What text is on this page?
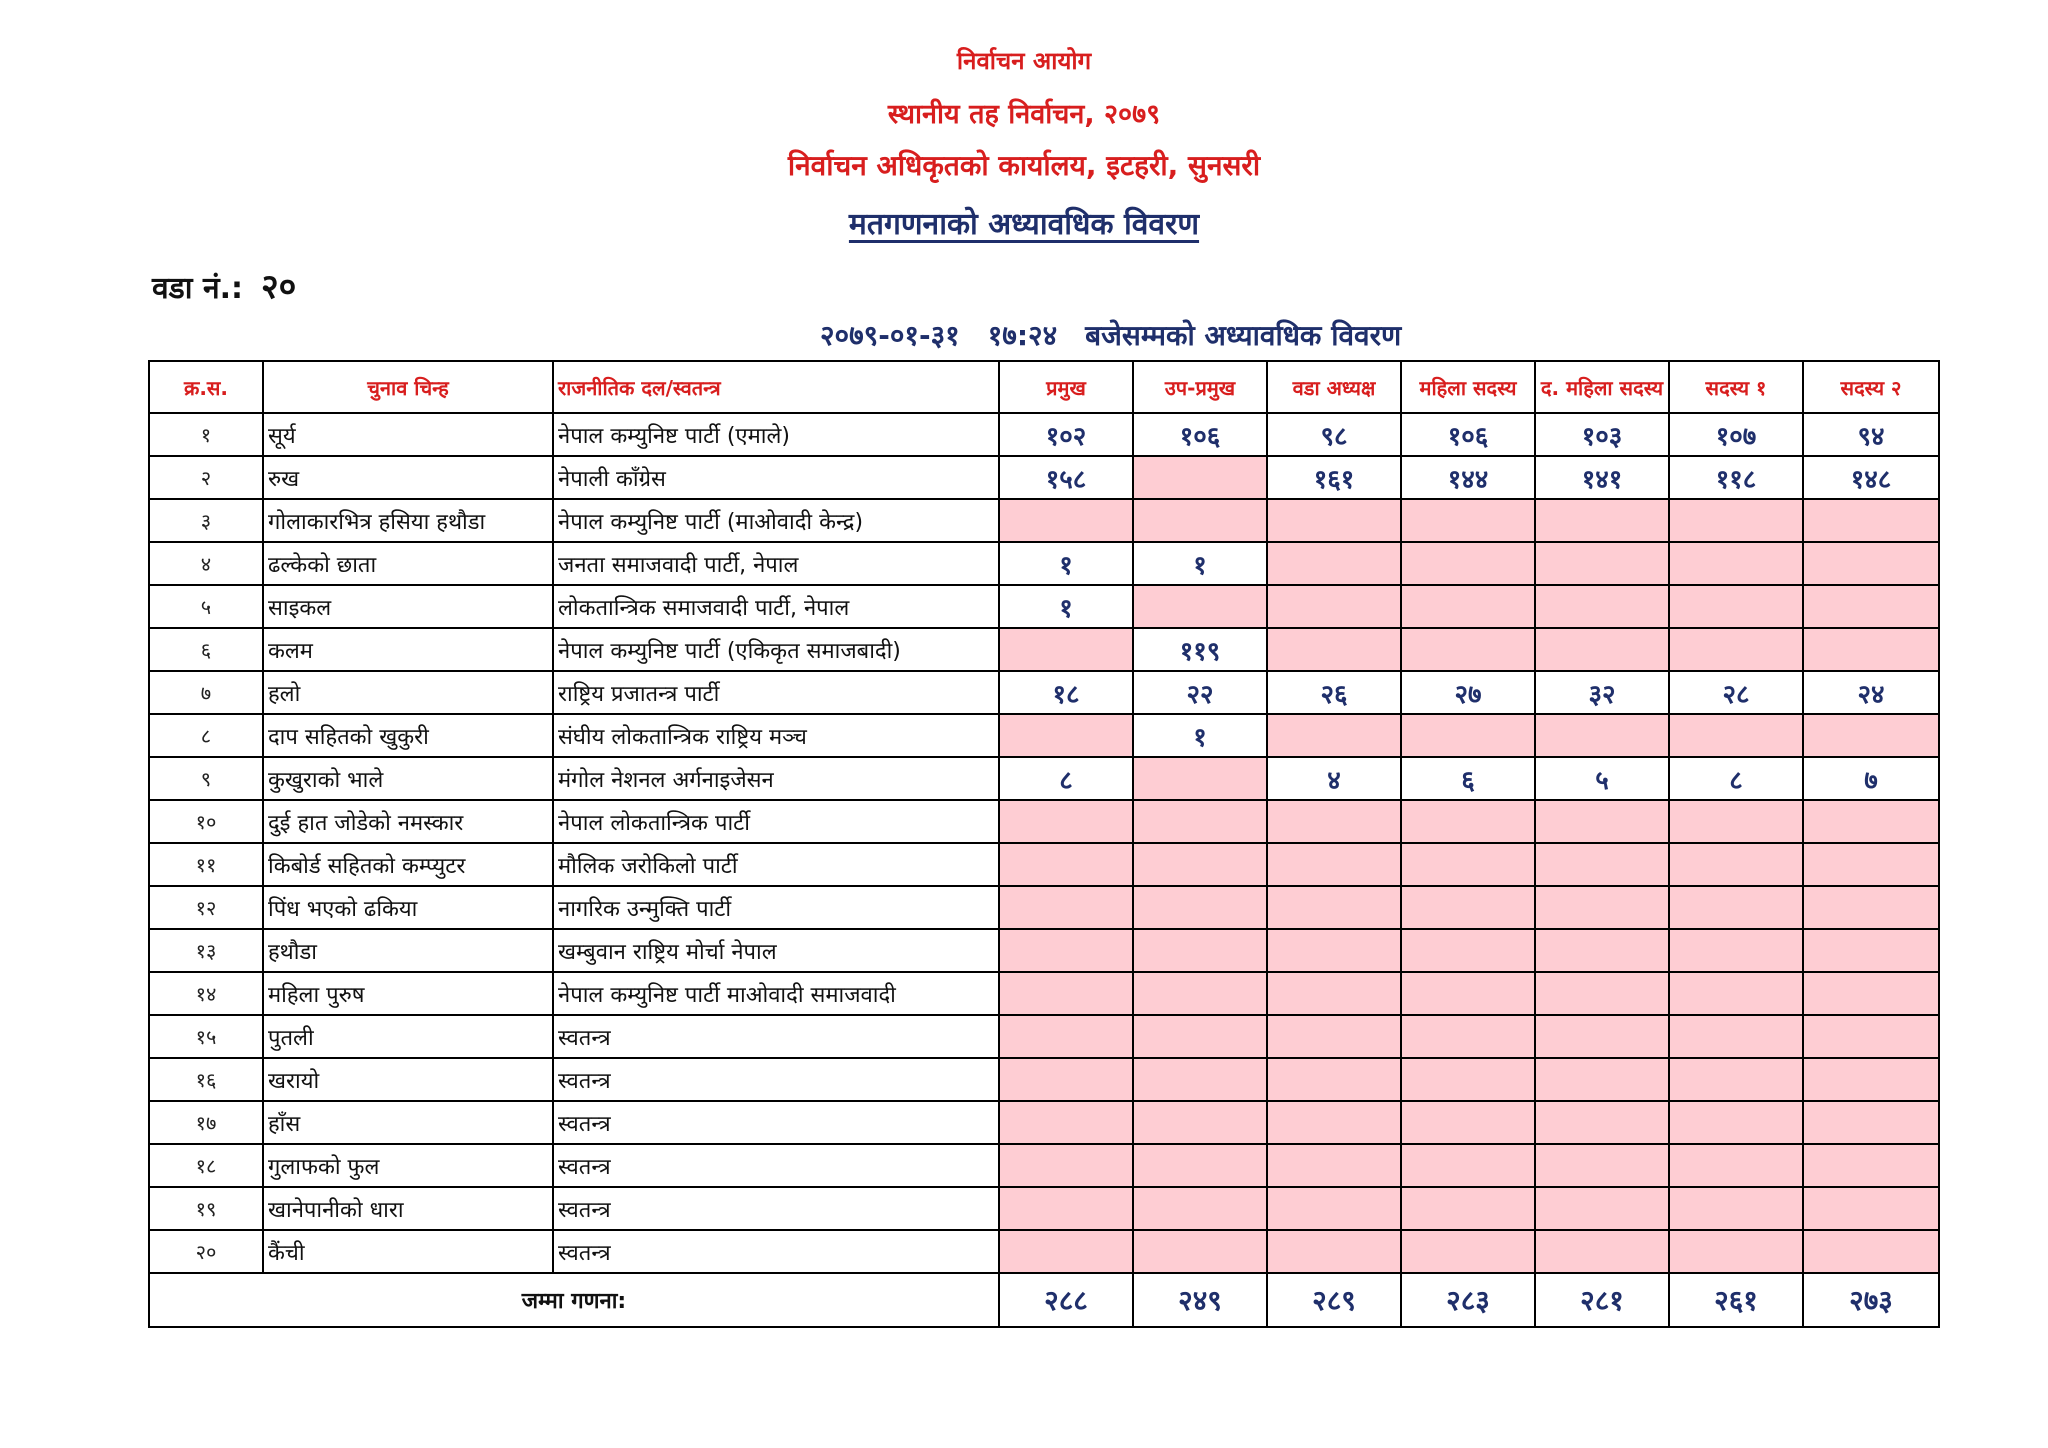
निर्वाचन आयोग
स्थानीय तह निर्वाचन, २०७९
निर्वाचन अधिकृतको कार्यालय, इटहरी, सुनसरी
मतगणनाको अध्यावधिक विवरण
वडा नं.: २०
२०७९-०१-३१ १७:२४ बजेसम्मको अध्यावधिक विवरण
क्र.स.	चुनाव चिन्ह	राजनीतिक दल/स्वतन्त्र	प्रमुख	उप-प्रमुख	वडा अध्यक्ष	महिला सदस्य	द. महिला सदस्य	सदस्य १	सदस्य २
१	सूर्य	नेपाल कम्युनिष्ट पार्टी (एमाले)	१०२	१०६	९८	१०६	१०३	१०७	९४
२	रुख	नेपाली काँग्रेस	१५८		१६१	१४४	१४१	११८	१४८
३	गोलाकारभित्र हसिया हथौडा	नेपाल कम्युनिष्ट पार्टी (माओवादी केन्द्र)							
४	ढल्केको छाता	जनता समाजवादी पार्टी, नेपाल	१	१					
५	साइकल	लोकतान्त्रिक समाजवादी पार्टी, नेपाल	१						
६	कलम	नेपाल कम्युनिष्ट पार्टी (एकिकृत समाजबादी)		११९					
७	हलो	राष्ट्रिय प्रजातन्त्र पार्टी	१८	२२	२६	२७	३२	२८	२४
८	दाप सहितको खुकुरी	संघीय लोकतान्त्रिक राष्ट्रिय मञ्च		१					
९	कुखुराको भाले	मंगोल नेशनल अर्गनाइजेसन	८		४	६	५	८	७
१०	दुई हात जोडेको नमस्कार	नेपाल लोकतान्त्रिक पार्टी							
११	किबोर्ड सहितको कम्प्युटर	मौलिक जरोकिलो पार्टी							
१२	पिंध भएको ढकिया	नागरिक उन्मुक्ति पार्टी							
१३	हथौडा	खम्बुवान राष्ट्रिय मोर्चा नेपाल							
१४	महिला पुरुष	नेपाल कम्युनिष्ट पार्टी माओवादी समाजवादी							
१५	पुतली	स्वतन्त्र							
१६	खरायो	स्वतन्त्र							
१७	हाँस	स्वतन्त्र							
१८	गुलाफको फुल	स्वतन्त्र							
१९	खानेपानीको धारा	स्वतन्त्र							
२०	कैंची	स्वतन्त्र							
जम्मा गणना:			२८८	२४९	२८९	२८३	२८१	२६१	२७३
